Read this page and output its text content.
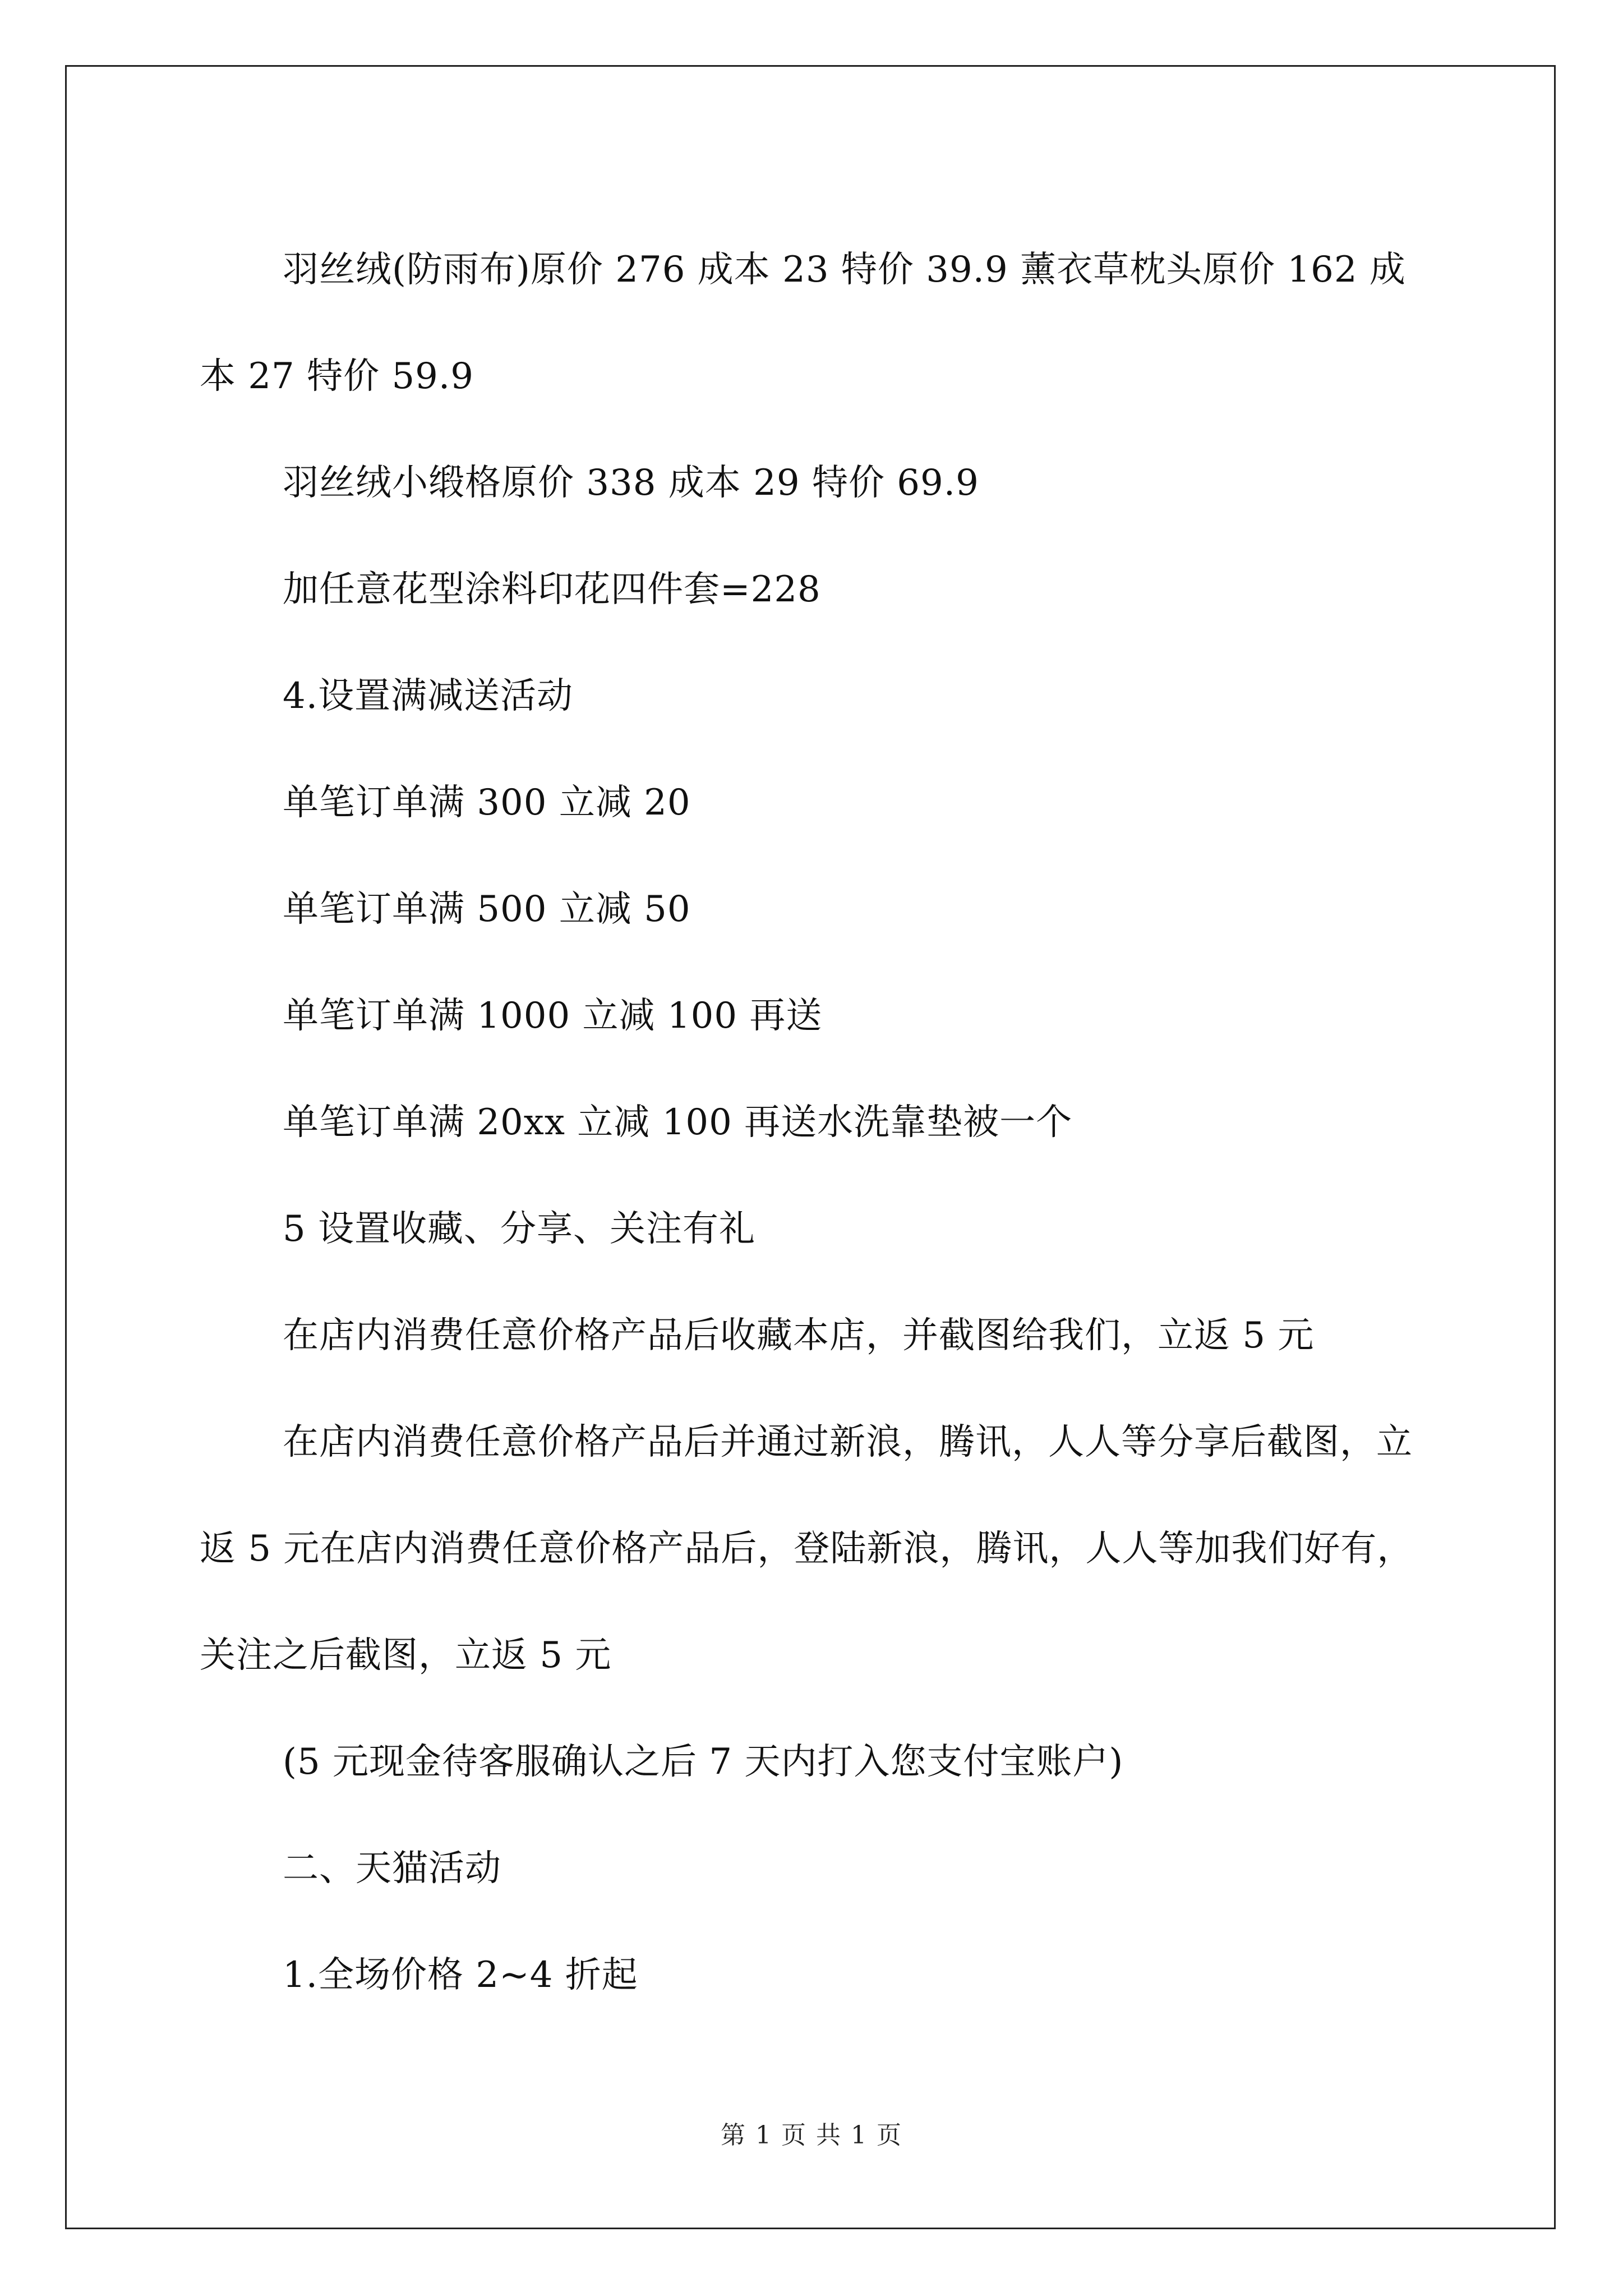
羽丝绒(防雨布)原价 276 成本 23 特价 39.9 薰衣草枕头原价 162 成本 27 特价 59.9

羽丝绒小缎格原价 338 成本 29 特价 69.9

加任意花型涂料印花四件套=228

4.设置满减送活动

单笔订单满 300 立减 20

单笔订单满 500 立减 50

单笔订单满 1000 立减 100 再送

单笔订单满 20xx 立减 100 再送水洗靠垫被一个

5 设置收藏、分享、关注有礼

在店内消费任意价格产品后收藏本店，并截图给我们，立返 5 元

在店内消费任意价格产品后并通过新浪，腾讯，人人等分享后截图，立返 5 元在店内消费任意价格产品后，登陆新浪，腾讯，人人等加我们好有，关注之后截图，立返 5 元

(5 元现金待客服确认之后 7 天内打入您支付宝账户)

二、天猫活动

1.全场价格 2~4 折起

第 1 页 共 1 页
